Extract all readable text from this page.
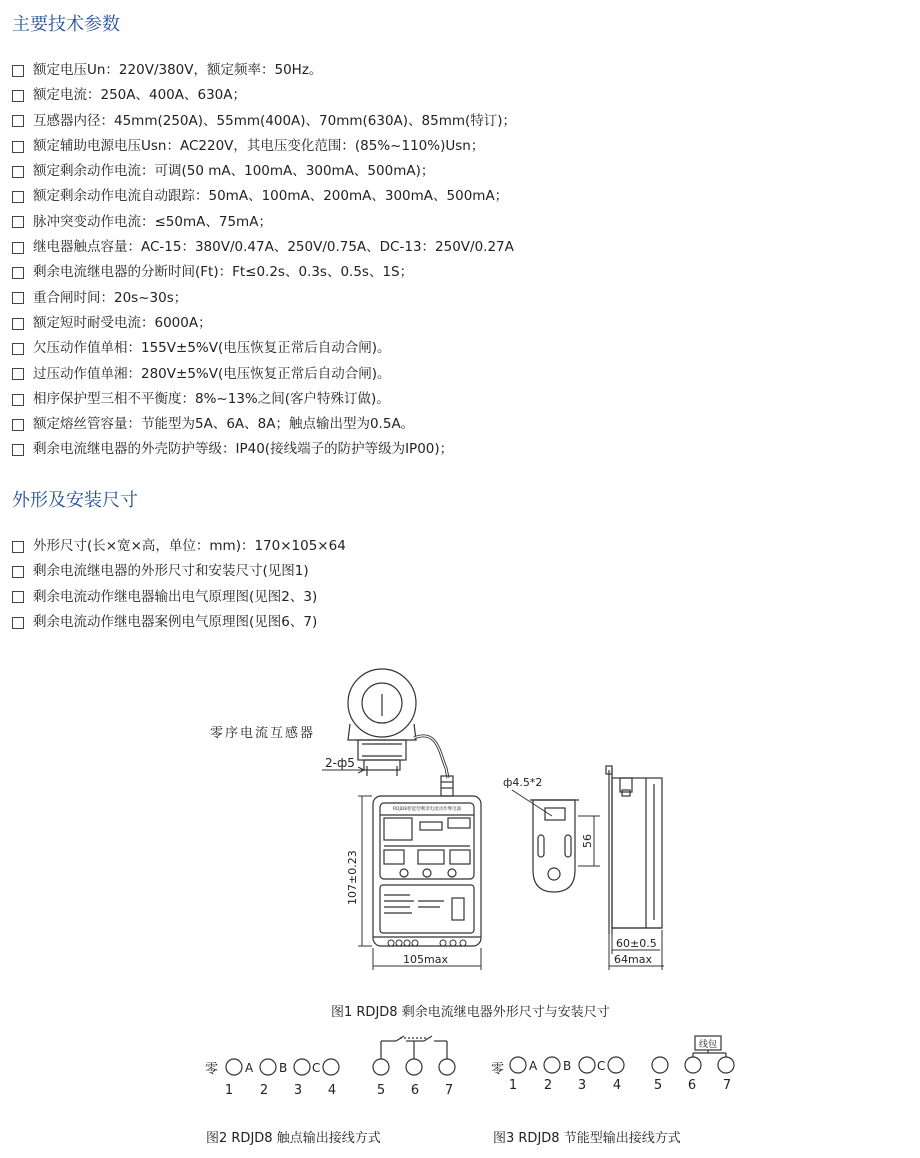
主要技术参数
额定电压Un：220V/380V，额定频率：50Hz。
额定电流：250A、400A、630A；
互感器内径：45mm(250A)、55mm(400A)、70mm(630A)、85mm(特订)；
额定辅助电源电压Usn：AC220V，其电压变化范围：(85%~110%)Usn；
额定剩余动作电流：可调(50 mA、100mA、300mA、500mA)；
额定剩余动作电流自动跟踪：50mA、100mA、200mA、300mA、500mA；
脉冲突变动作电流：≤50mA、75mA；
继电器触点容量：AC-15：380V/0.47A、250V/0.75A、DC-13：250V/0.27A
剩余电流继电器的分断时间(Ft)：Ft≤0.2s、0.3s、0.5s、1S；
重合闸时间：20s~30s；
额定短时耐受电流：6000A；
欠压动作值单相：155V±5%V(电压恢复正常后自动合闸)。
过压动作值单湘：280V±5%V(电压恢复正常后自动合闸)。
相序保护型三相不平衡度：8%~13%之间(客户特殊订做)。
额定熔丝管容量：节能型为5A、6A、8A；触点输出型为0.5A。
剩余电流继电器的外壳防护等级：IP40(接线端子的防护等级为IP00)；
外形及安装尺寸
外形尺寸(长×宽×高，单位：mm)：170×105×64
剩余电流继电器的外形尺寸和安装尺寸(见图1)
剩余电流动作继电器输出电气原理图(见图2、3)
剩余电流动作继电器案例电气原理图(见图6、7)
零序电流互感器
2-ф5
RDJD8智能型剩余电流动作继电器
107±0.23
105max
ф4.5*2
56
60±0.5
64max
图1 RDJD8 剩余电流继电器外形尺寸与安装尺寸
零 A B C
1 2 3 4	5 6 7
图2 RDJD8 触点输出接线方式
零
线包
A B C
1 2 3 4	5 6 7
图3 RDJD8 节能型输出接线方式
